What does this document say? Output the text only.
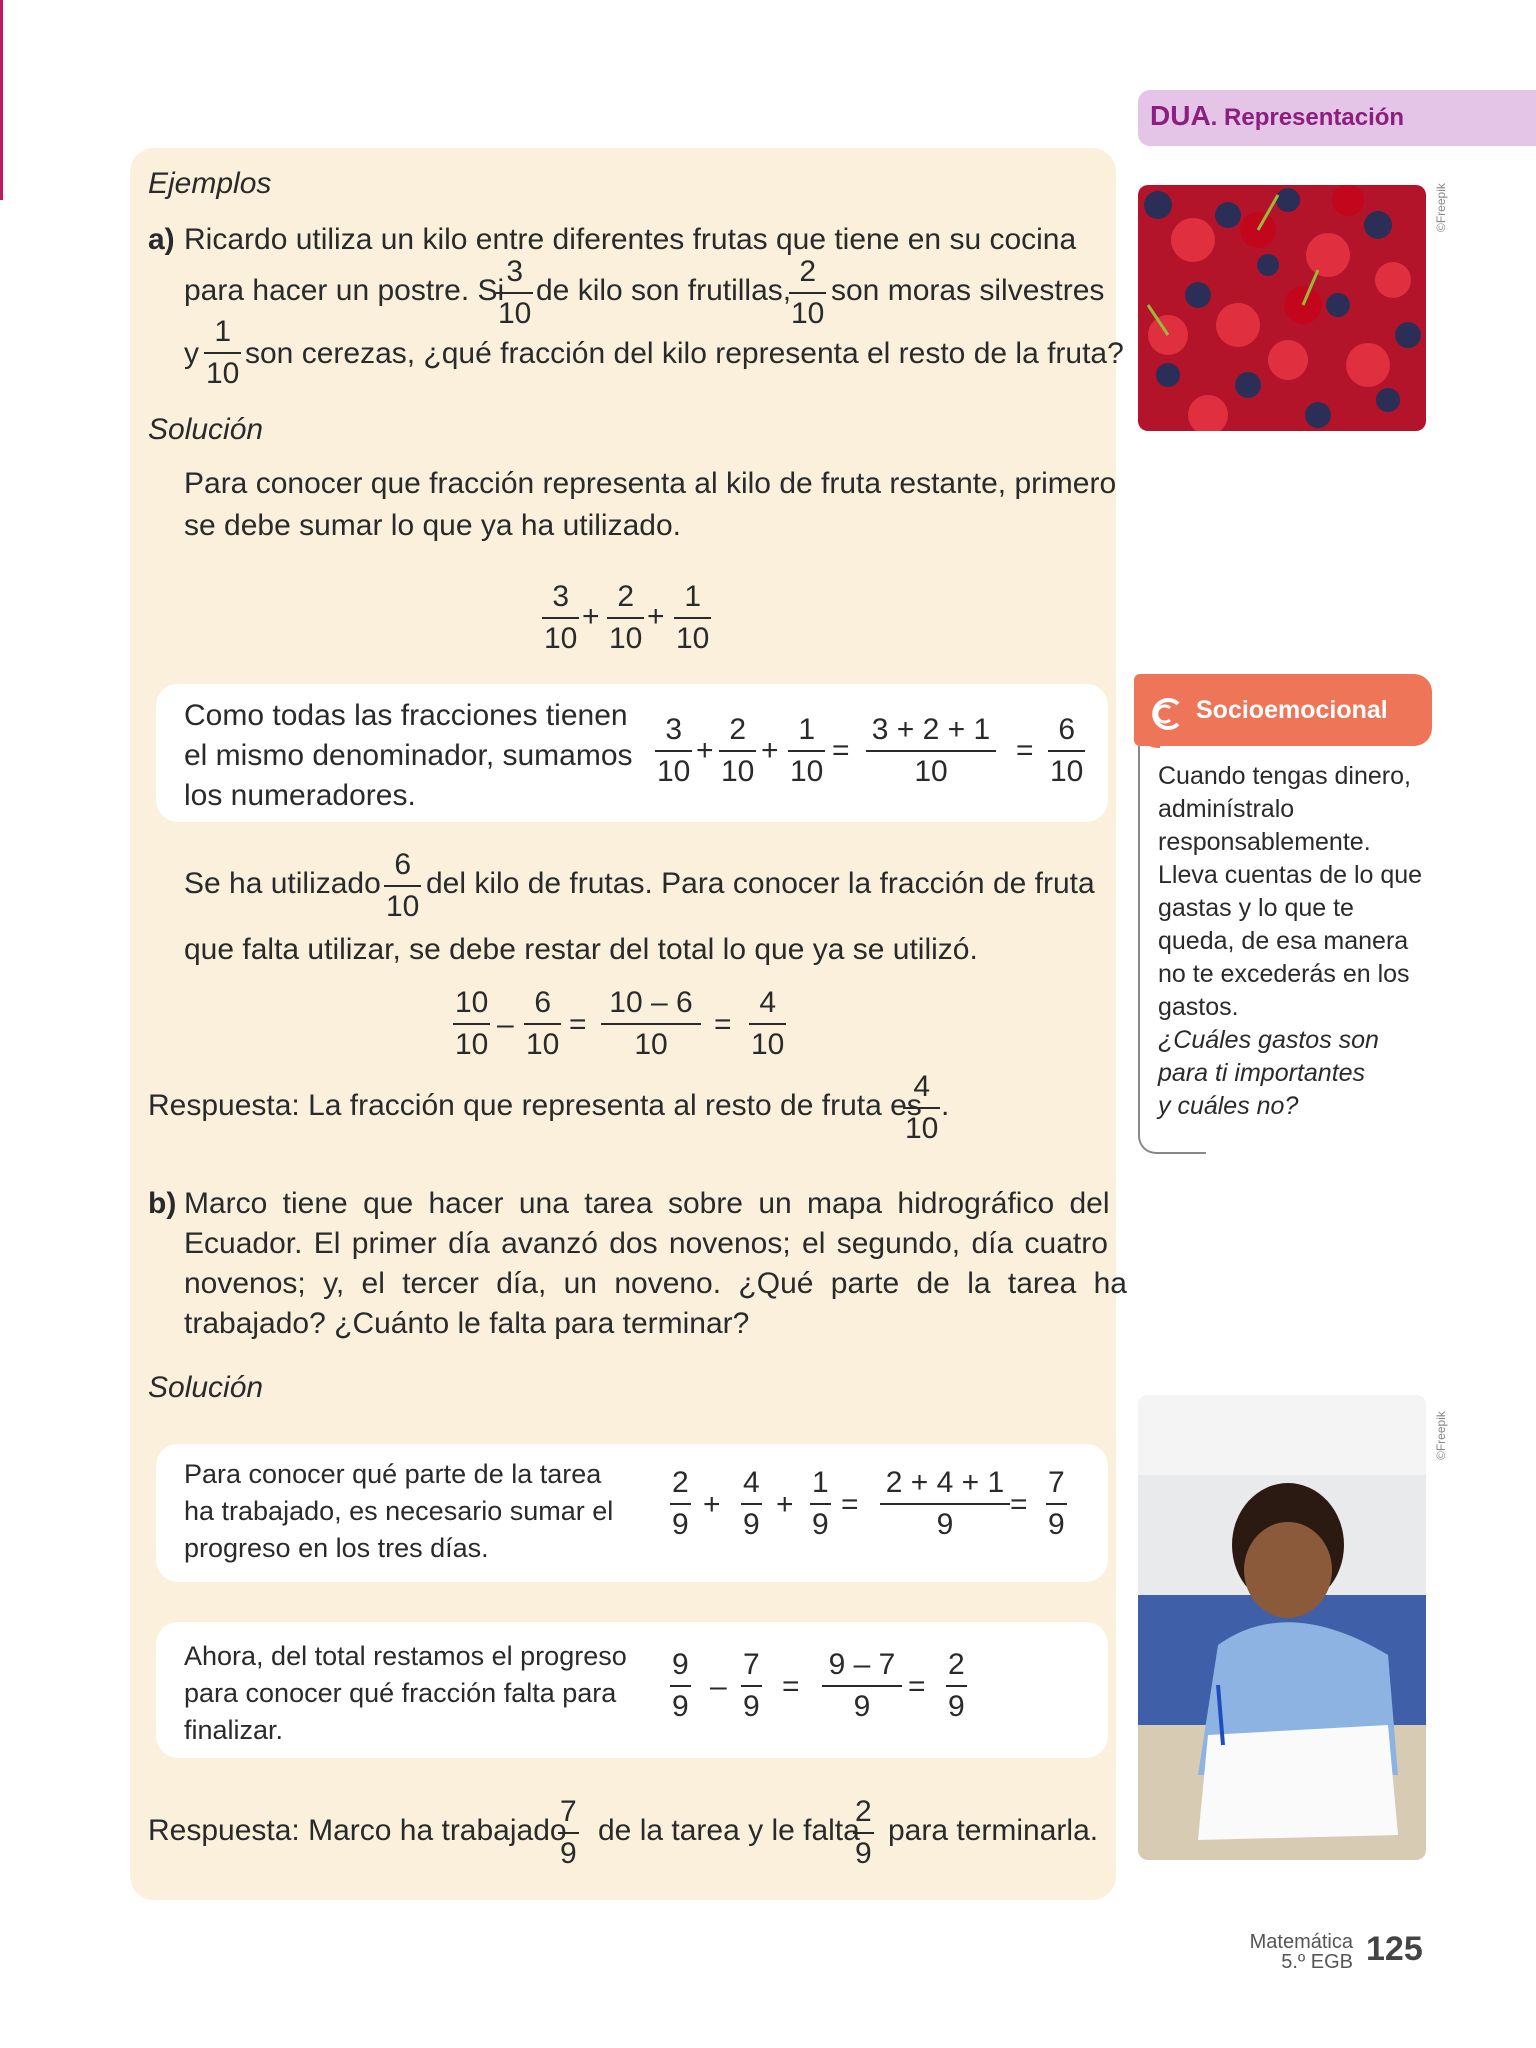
Ejemplos
a) Ricardo utiliza un kilo entre diferentes frutas que tiene en su cocina
para hacer un postre. Si
$\frac{3}{10}$ de kilo son frutillas,
$\frac{2}{10}$ son moras silvestres
y $\frac{1}{10}$ son cerezas, ¿qué fracción del kilo representa el resto de la fruta?
Solución
Para conocer que fracción representa al kilo de fruta restante, primero
se debe sumar lo que ya ha utilizado.
$\frac{3}{10} + \frac{2}{10} + \frac{1}{10}$
Como todas las fracciones tienen
el mismo denominador, sumamos
los numeradores.
$\frac{3}{10} + \frac{2}{10} + \frac{1}{10} = \frac{3 + 2 + 1}{10} = \frac{6}{10}$
Se ha utilizado $\frac{6}{10}$ del kilo de frutas. Para conocer la fracción de fruta
que falta utilizar, se debe restar del total lo que ya se utilizó.
$\frac{10}{10} - \frac{6}{10} = \frac{10 - 6}{10} = \frac{4}{10}$
Respuesta: La fracción que representa al resto de fruta es
$\frac{4}{10}$ .
b) Marco tiene que hacer una tarea sobre un mapa hidrográfico del
Ecuador. El primer día avanzó dos novenos; el segundo, día cuatro
novenos; y, el tercer día, un noveno. ¿Qué parte de la tarea ha
trabajado? ¿Cuánto le falta para terminar?
Solución
Para conocer qué parte de la tarea
ha trabajado, es necesario sumar el
progreso en los tres días.
$\frac{2}{9} + \frac{4}{9} + \frac{1}{9} = \frac{2 + 4 + 1}{9} = \frac{7}{9}$
Ahora, del total restamos el progreso
para conocer qué fracción falta para
finalizar.
$\frac{9}{9} - \frac{7}{9} = \frac{9 - 7}{9} = \frac{2}{9}$
Respuesta: Marco ha trabajado
$\frac{7}{9}$ de la tarea y le falta
$\frac{2}{9}$ para terminarla.
DUA. Representación
©Freepik
Socioemocional
Cuando tengas dinero,
adminístralo
responsablemente.
Lleva cuentas de lo que
gastas y lo que te
queda, de esa manera
no te excederás en los
gastos.
¿Cuáles gastos son
para ti importantes
y cuáles no?
©Freepik
Matemática
5.º EGB 125
